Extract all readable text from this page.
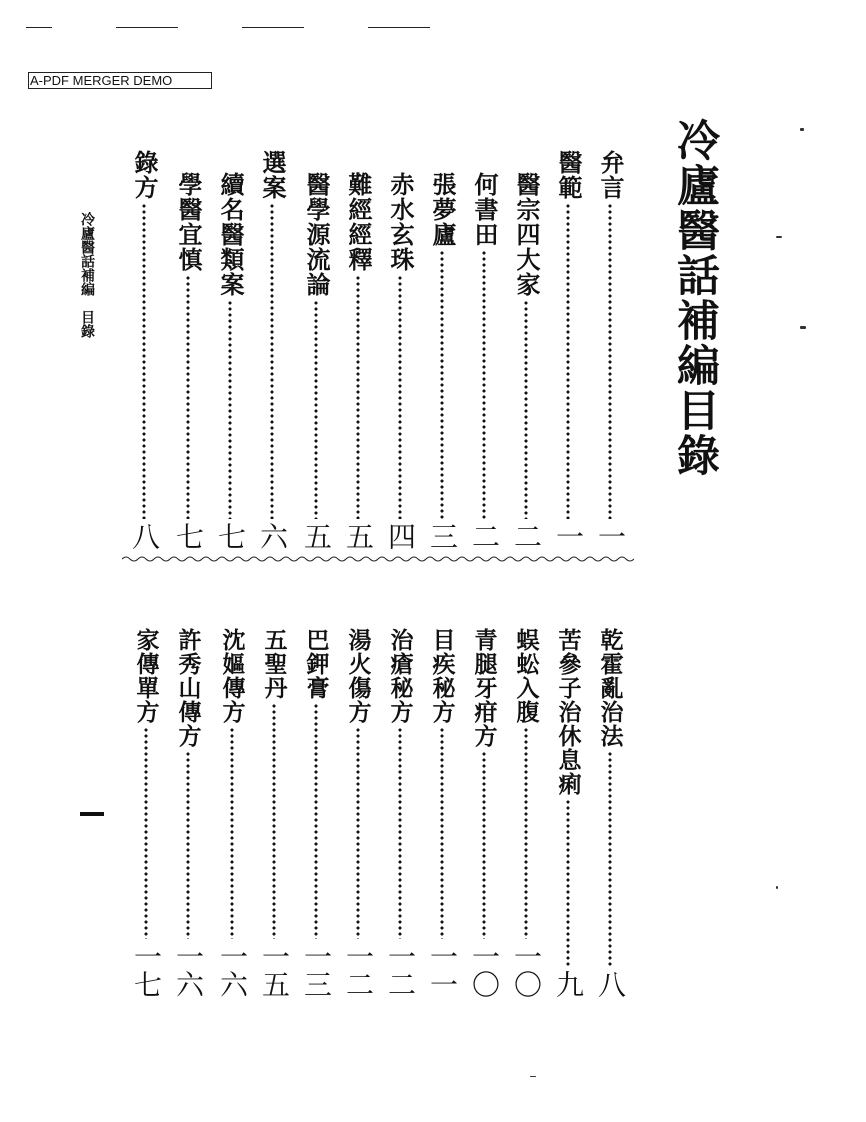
A-PDF MERGER DEMO
冷廬醫話補編目錄
冷廬醫話補編　目錄
弁言
一
醫範
一
醫宗四大家
二
何書田
二
張夢廬
三
赤水玄珠
四
難經經釋
五
醫學源流論
五
選案
六
續名醫類案
七
學醫宜慎
七
錄方
八
乾霍亂治法
八
苦參子治休息痢
九
蜈蚣入腹
一〇
青腿牙疳方
一〇
目疾秘方
一一
治瘡秘方
一二
湯火傷方
一二
巴鉀膏
一三
五聖丹
一五
沈嫗傳方
一六
許秀山傳方
一六
家傳單方
一七
